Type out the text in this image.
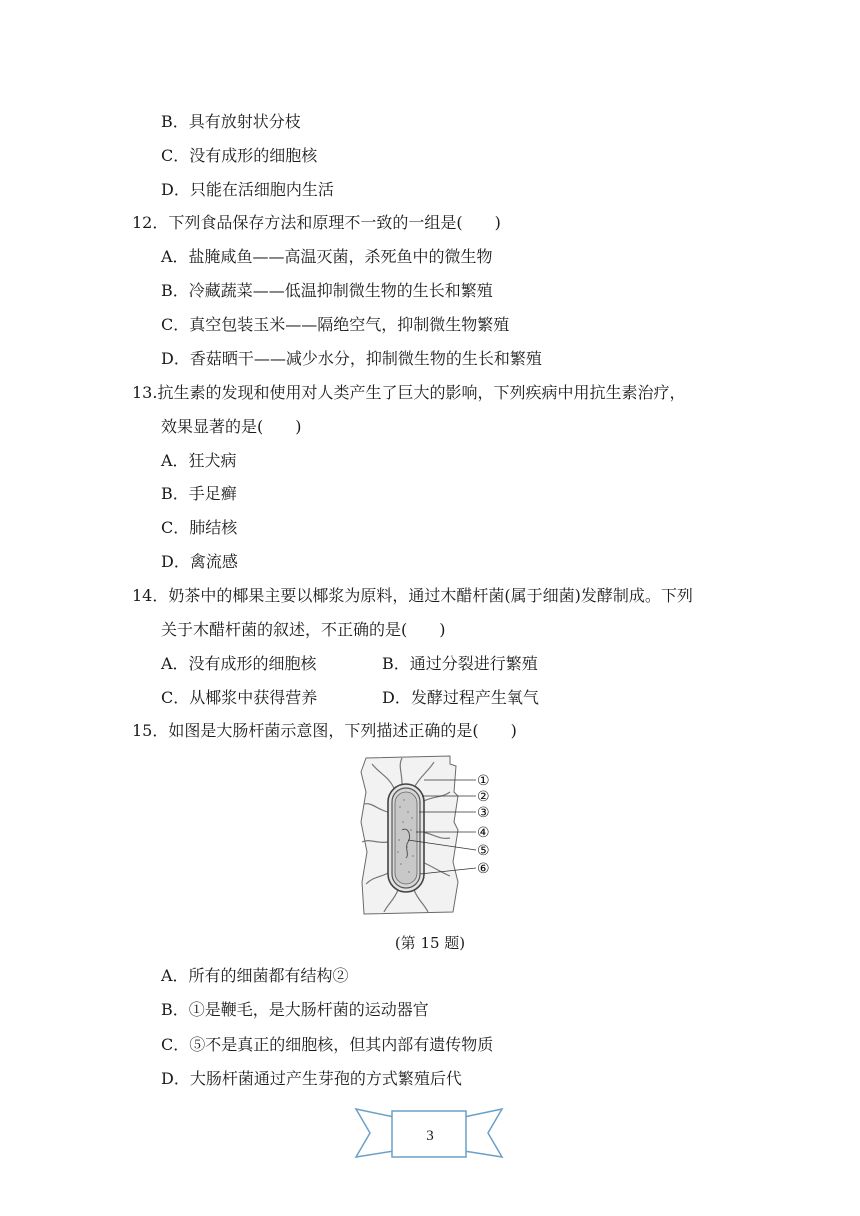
B．具有放射状分枝
C．没有成形的细胞核
D．只能在活细胞内生活
12．下列食品保存方法和原理不一致的一组是(　　)
A．盐腌咸鱼——高温灭菌，杀死鱼中的微生物
B．冷藏蔬菜——低温抑制微生物的生长和繁殖
C．真空包装玉米——隔绝空气，抑制微生物繁殖
D．香菇晒干——减少水分，抑制微生物的生长和繁殖
13.抗生素的发现和使用对人类产生了巨大的影响，下列疾病中用抗生素治疗，
效果显著的是(　　)
A．狂犬病
B．手足癣
C．肺结核
D．禽流感
14．奶茶中的椰果主要以椰浆为原料，通过木醋杆菌(属于细菌)发酵制成。下列
关于木醋杆菌的叙述，不正确的是(　　)
A．没有成形的细胞核	B．通过分裂进行繁殖
C．从椰浆中获得营养	D．发酵过程产生氧气
15．如图是大肠杆菌示意图，下列描述正确的是(　　)
①
②
③
④
⑤
⑥
(第 15 题)
A．所有的细菌都有结构②
B．①是鞭毛，是大肠杆菌的运动器官
C．⑤不是真正的细胞核，但其内部有遗传物质
D．大肠杆菌通过产生芽孢的方式繁殖后代
3
